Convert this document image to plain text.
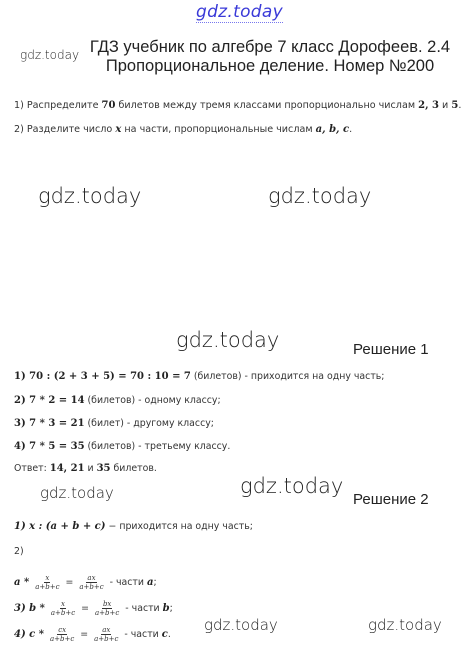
gdz.today
gdz.today
gdz.today	gdz.today
gdz.today
gdz.today
gdz.today
gdz.today	gdz.today
ГДЗ учебник по алгебре 7 класс Дорофеев. 2.4
Пропорциональное деление. Номер №200
1) Распределите 70 билетов между тремя классами пропорционально числам 2, 3 и 5.
2) Разделите число x на части, пропорциональные числам a, b, c.
Решение 1
1) 70 : (2 + 3 + 5) = 70 : 10 = 7 (билетов) - приходится на одну часть;
2) 7 * 2 = 14 (билетов) - одному классу;
3) 7 * 3 = 21 (билет) - другому классу;
4) 7 * 5 = 35 (билетов) - третьему классу.
Ответ: 14, 21 и 35 билетов.
Решение 2
1) x : (a + b + c) − приходится на одну часть;
2)
$a * \frac{x}{a+b+c} = \frac{ax}{a+b+c}$ - части a;
3) $b * \frac{x}{a+b+c} = \frac{bx}{a+b+c}$ - части b;
4) $c * \frac{cx}{a+b+c} = \frac{ax}{a+b+c}$ - части c.
